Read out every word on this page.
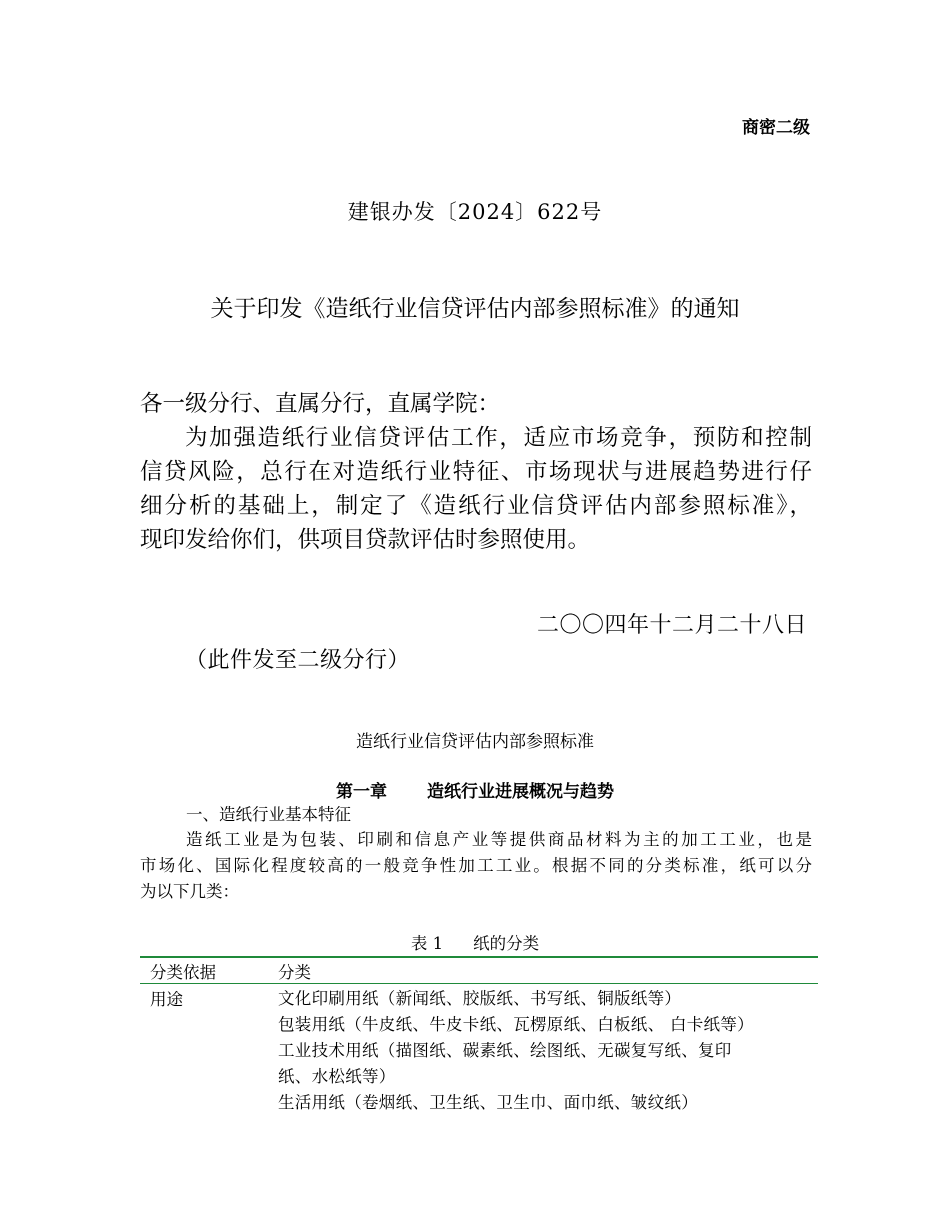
商密二级
建银办发〔2024〕622号
关于印发《造纸行业信贷评估内部参照标准》的通知
各一级分行、直属分行，直属学院：
为加强造纸行业信贷评估工作，适应市场竞争，预防和控制
信贷风险，总行在对造纸行业特征、市场现状与进展趋势进行仔
细分析的基础上，制定了《造纸行业信贷评估内部参照标准》，
现印发给你们，供项目贷款评估时参照使用。
二〇〇四年十二月二十八日
（此件发至二级分行）
造纸行业信贷评估内部参照标准
第一章 造纸行业进展概况与趋势
一、造纸行业基本特征
造纸工业是为包装、印刷和信息产业等提供商品材料为主的加工工业，也是
市场化、国际化程度较高的一般竞争性加工工业。根据不同的分类标准，纸可以分
为以下几类：
表 1 纸的分类
分类依据	分类
用途	文化印刷用纸（新闻纸、胶版纸、书写纸、铜版纸等）
包装用纸（牛皮纸、牛皮卡纸、瓦楞原纸、白板纸、 白卡纸等）
工业技术用纸（描图纸、碳素纸、绘图纸、无碳复写纸、复印
纸、水松纸等）
生活用纸（卷烟纸、卫生纸、卫生巾、面巾纸、皱纹纸）
